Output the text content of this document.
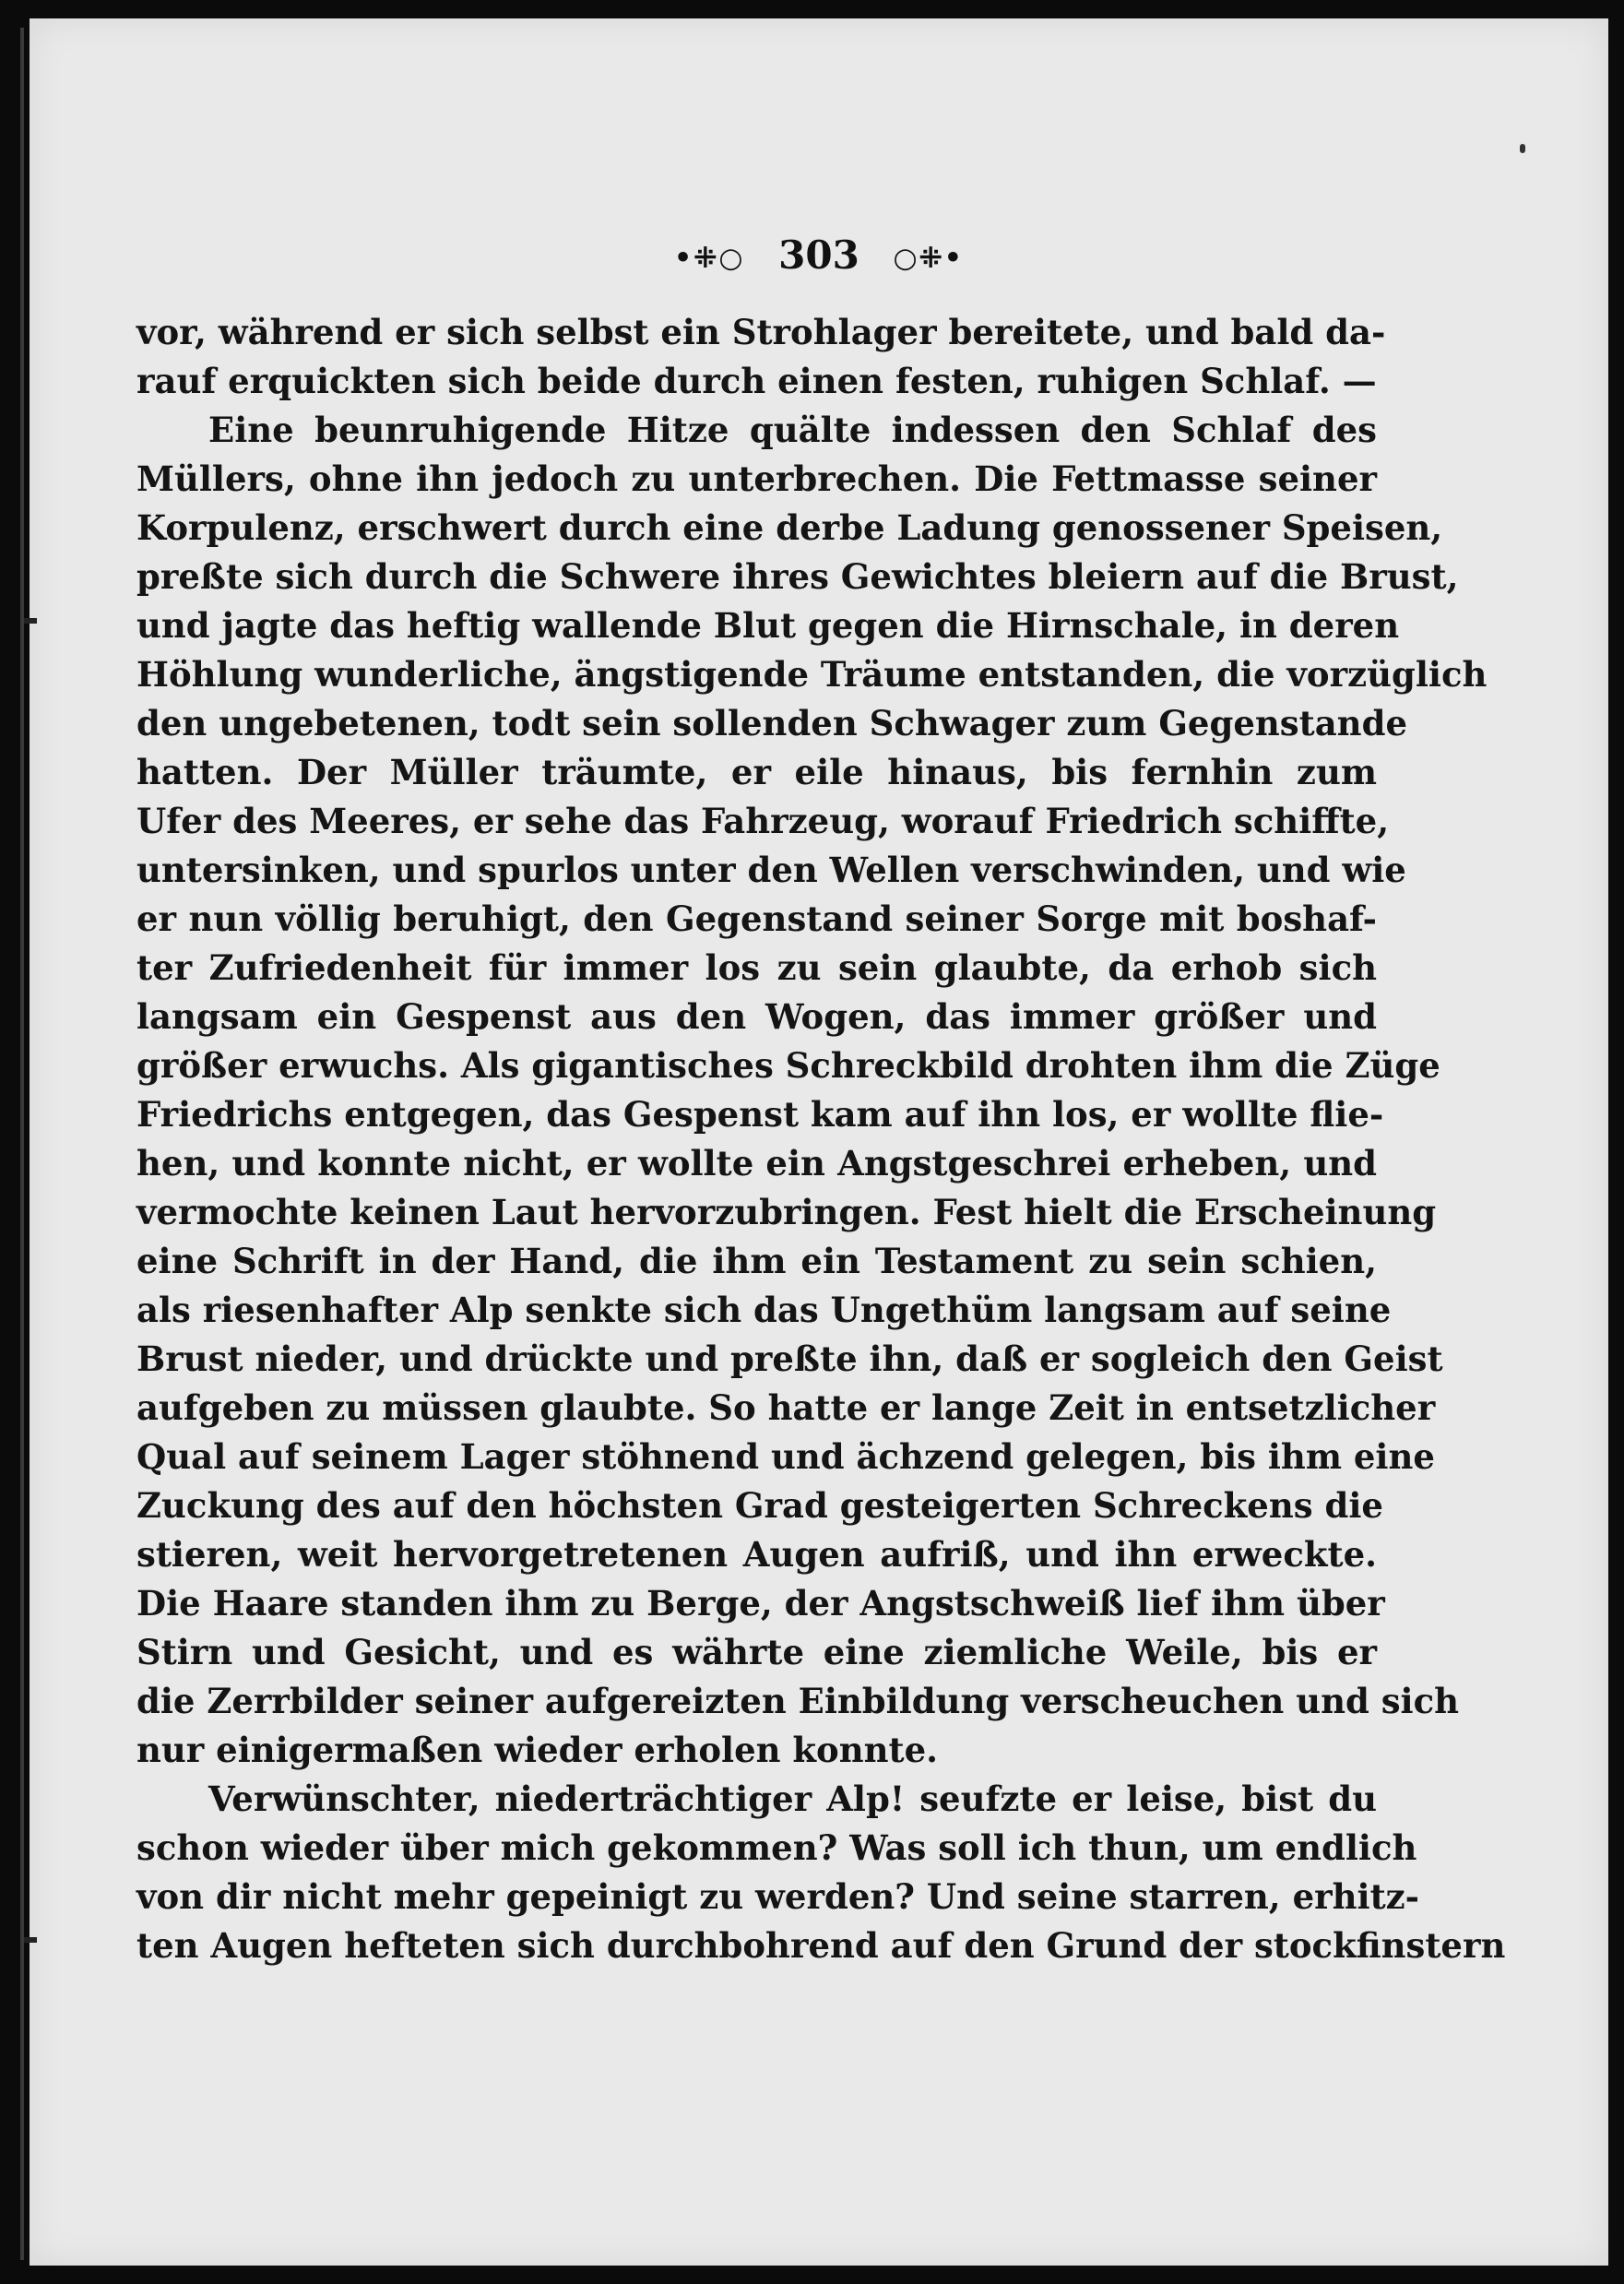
•⁜○ 303 ○⁜•
vor, während er sich selbst ein Strohlager bereitete, und bald da-
rauf erquickten sich beide durch einen festen, ruhigen Schlaf. —
Eine beunruhigende Hitze quälte indessen den Schlaf des
Müllers, ohne ihn jedoch zu unterbrechen. Die Fettmasse seiner
Korpulenz, erschwert durch eine derbe Ladung genossener Speisen,
preßte sich durch die Schwere ihres Gewichtes bleiern auf die Brust,
und jagte das heftig wallende Blut gegen die Hirnschale, in deren
Höhlung wunderliche, ängstigende Träume entstanden, die vorzüglich
den ungebetenen, todt sein sollenden Schwager zum Gegenstande
hatten. Der Müller träumte, er eile hinaus, bis fernhin zum
Ufer des Meeres, er sehe das Fahrzeug, worauf Friedrich schiffte,
untersinken, und spurlos unter den Wellen verschwinden, und wie
er nun völlig beruhigt, den Gegenstand seiner Sorge mit boshaf-
ter Zufriedenheit für immer los zu sein glaubte, da erhob sich
langsam ein Gespenst aus den Wogen, das immer größer und
größer erwuchs. Als gigantisches Schreckbild drohten ihm die Züge
Friedrichs entgegen, das Gespenst kam auf ihn los, er wollte flie-
hen, und konnte nicht, er wollte ein Angstgeschrei erheben, und
vermochte keinen Laut hervorzubringen. Fest hielt die Erscheinung
eine Schrift in der Hand, die ihm ein Testament zu sein schien,
als riesenhafter Alp senkte sich das Ungethüm langsam auf seine
Brust nieder, und drückte und preßte ihn, daß er sogleich den Geist
aufgeben zu müssen glaubte. So hatte er lange Zeit in entsetzlicher
Qual auf seinem Lager stöhnend und ächzend gelegen, bis ihm eine
Zuckung des auf den höchsten Grad gesteigerten Schreckens die
stieren, weit hervorgetretenen Augen aufriß, und ihn erweckte.
Die Haare standen ihm zu Berge, der Angstschweiß lief ihm über
Stirn und Gesicht, und es währte eine ziemliche Weile, bis er
die Zerrbilder seiner aufgereizten Einbildung verscheuchen und sich
nur einigermaßen wieder erholen konnte.
Verwünschter, niederträchtiger Alp! seufzte er leise, bist du
schon wieder über mich gekommen? Was soll ich thun, um endlich
von dir nicht mehr gepeinigt zu werden? Und seine starren, erhitz-
ten Augen hefteten sich durchbohrend auf den Grund der stockfinstern
